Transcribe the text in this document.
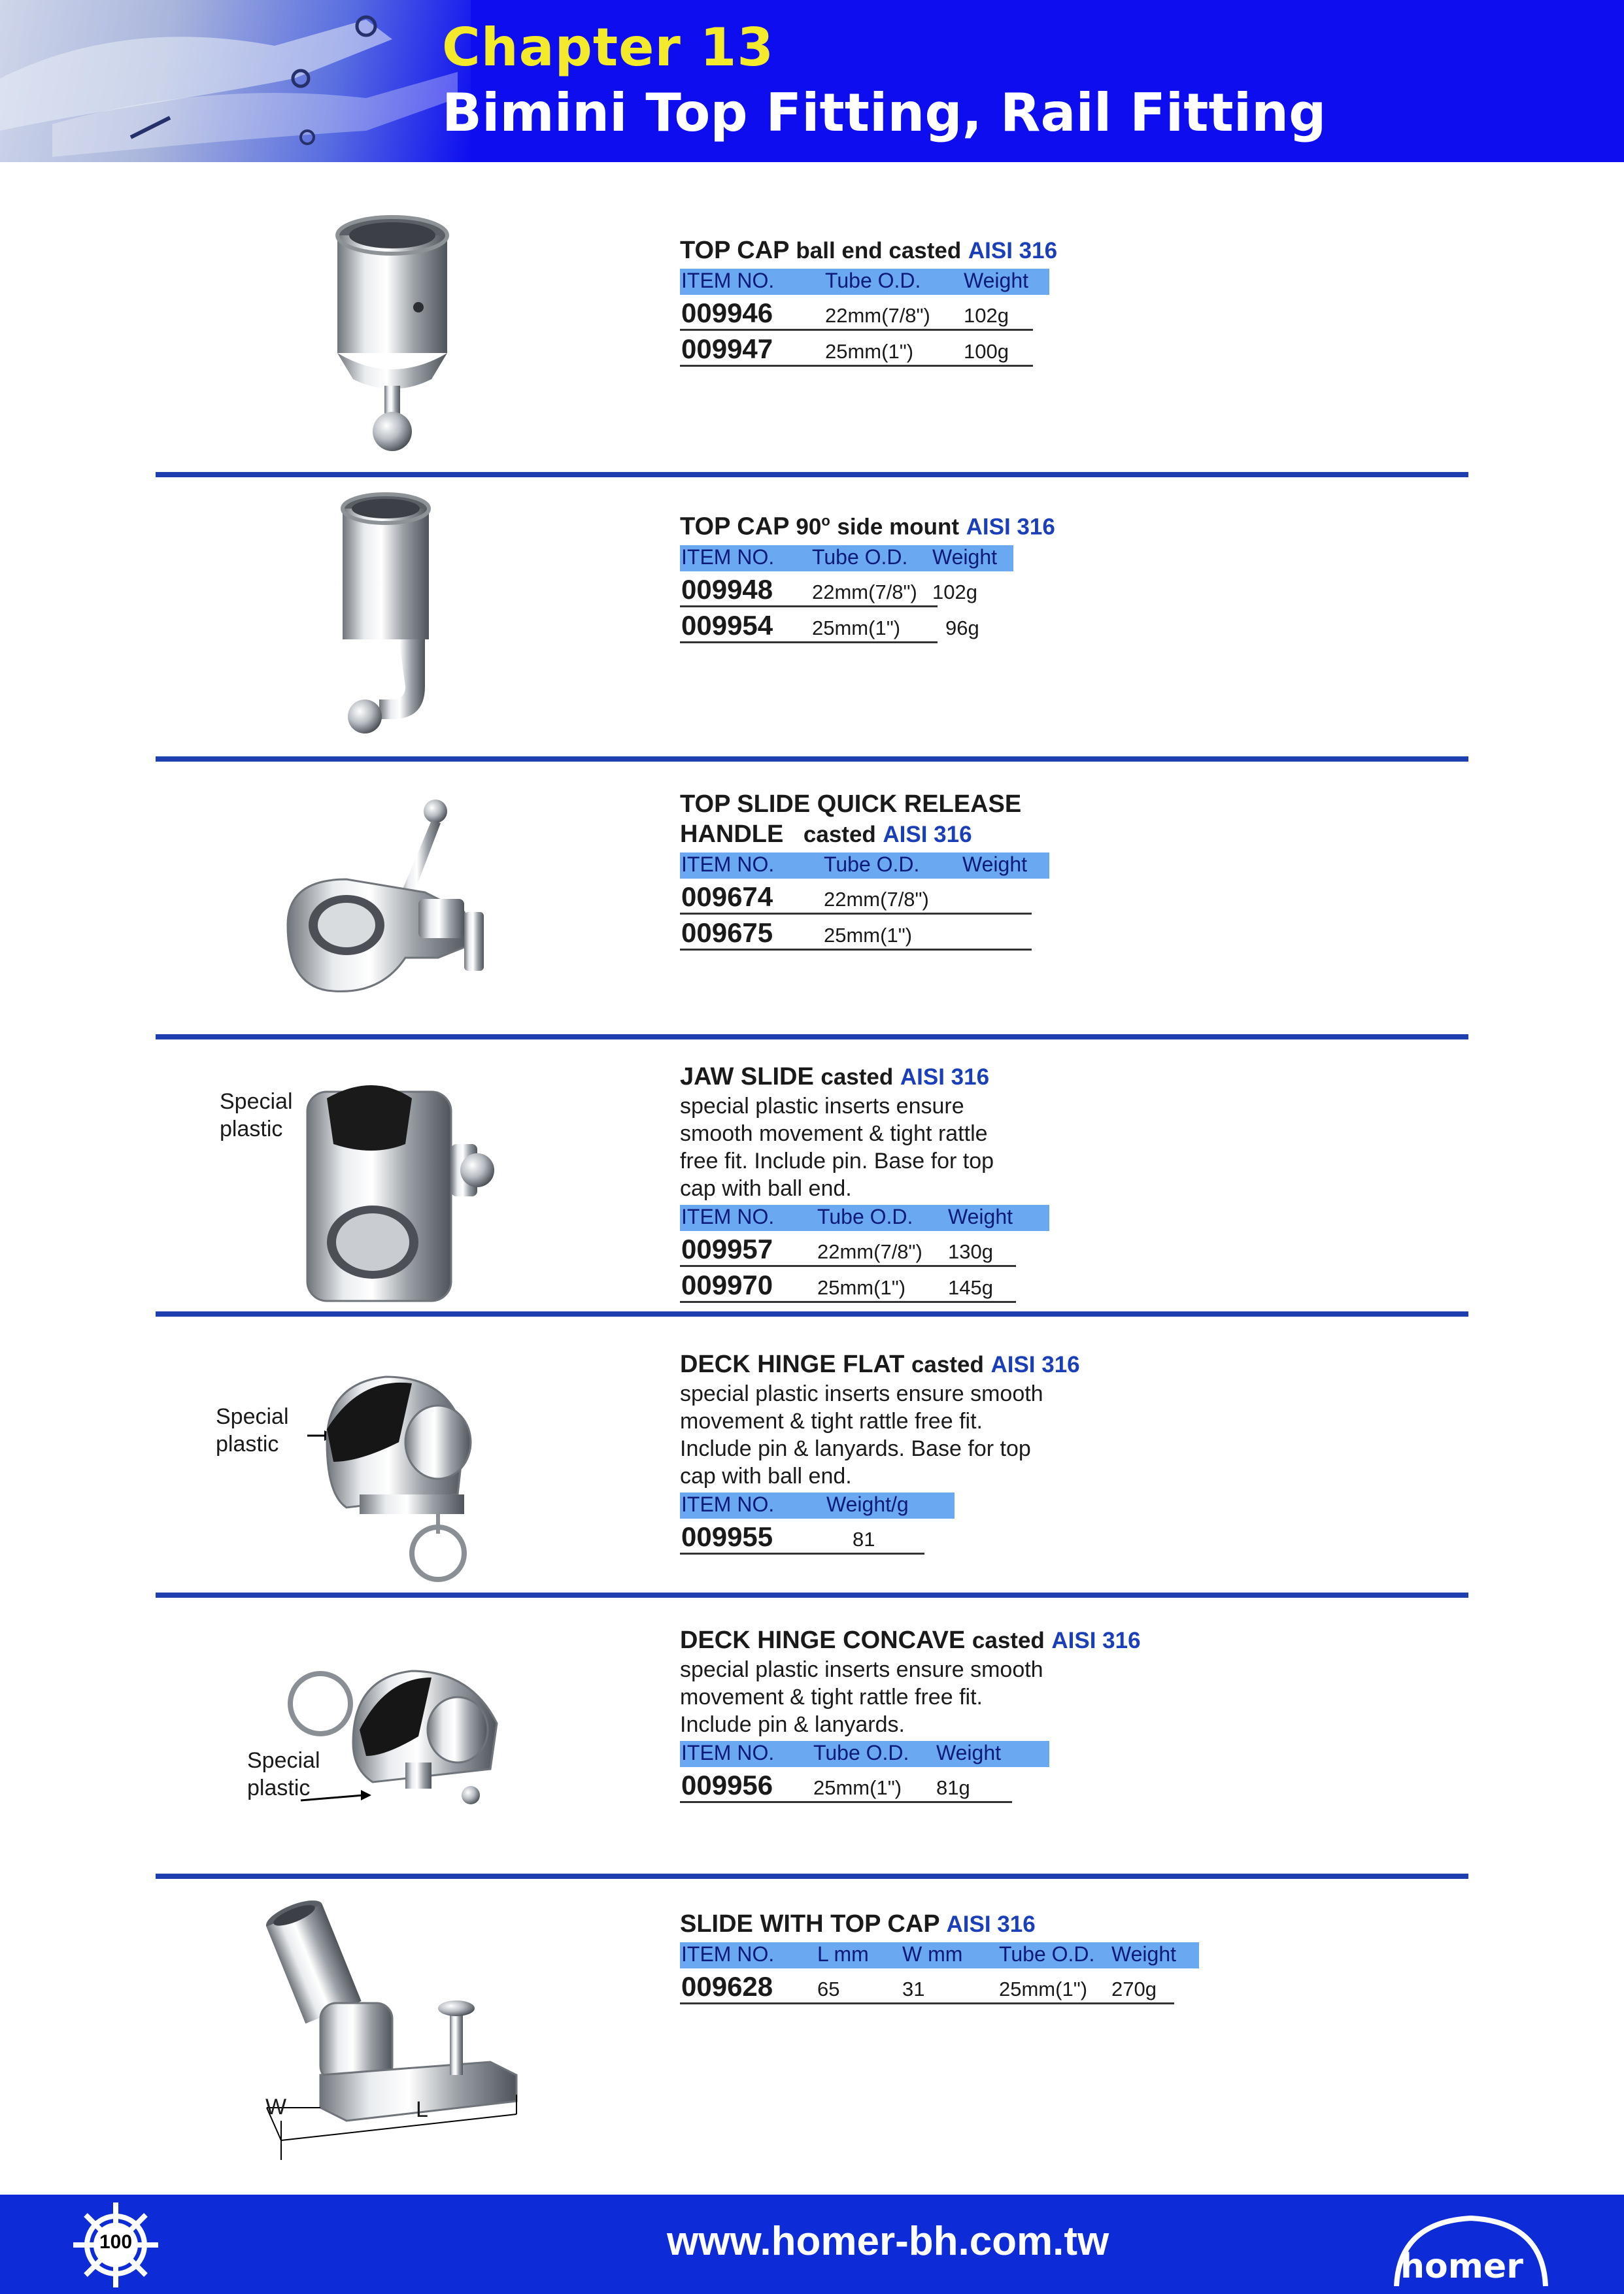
Chapter 13
Bimini Top Fitting, Rail Fitting
TOP CAP ball end casted AISI 316
ITEM NO. Tube O.D. Weight
009946	22mm(7/8") 102g
009947	25mm(1") 100g
TOP CAP 90$^o$ side mount AISI 316
ITEM NO. Tube O.D. Weight
009948 22mm(7/8") 102g
009954 25mm(1") 96g
TOP SLIDE QUICK RELEASE
HANDLE casted AISI 316
ITEM NO. Tube O.D. Weight
009674	22mm(7/8")
009675	25mm(1")
Special
plastic
JAW SLIDE casted AISI 316
special plastic inserts ensure
smooth movement & tight rattle
free fit. Include pin. Base for top
cap with ball end.
ITEM NO. Tube O.D. Weight
009957 22mm(7/8") 130g
009970 25mm(1") 145g
Special
plastic
DECK HINGE FLAT casted AISI 316
special plastic inserts ensure smooth
movement & tight rattle free fit.
Include pin & lanyards. Base for top
cap with ball end.
ITEM NO. Weight/g
009955	81
Special
plastic
DECK HINGE CONCAVE casted AISI 316
special plastic inserts ensure smooth
movement & tight rattle free fit.
Include pin & lanyards.
ITEM NO. Tube O.D. Weight
009956 25mm(1") 81g
W	L
SLIDE WITH TOP CAP AISI 316
ITEM NO. L mm W mm Tube O.D. Weight
009628 65	31	25mm(1") 270g
100	www.homer-bh.com.tw
homer
